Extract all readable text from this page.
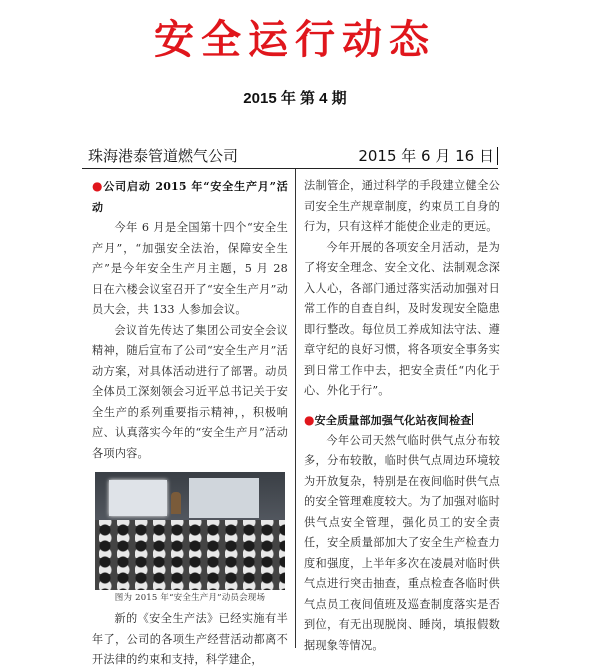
安全运行动态
2015 年 第 4 期
珠海港泰管道燃气公司	2015 年 6 月 16 日
●公司启动 2015 年“安全生产月”活动
今年 6 月是全国第十四个“安全生产月”，“加强安全法治，保障安全生产”是今年安全生产月主题，5 月 28 日在六楼会议室召开了“安全生产月”动员大会，共 133 人参加会议。
会议首先传达了集团公司安全会议精神，随后宣布了公司“安全生产月”活动方案，对具体活动进行了部署。动员全体员工深刻领会习近平总书记关于安全生产的系列重要指示精神，，积极响应、认真落实今年的“安全生产月”活动各项内容。
图为 2015 年“安全生产月”动员会现场
新的《安全生产法》已经实施有半年了，公司的各项生产经营活动都离不开法律的约束和支持，科学建企，
法制管企，通过科学的手段建立健全公司安全生产规章制度，约束员工自身的行为，只有这样才能使企业走的更远。
今年开展的各项安全月活动，是为了将安全理念、安全文化、法制观念深入人心，各部门通过落实活动加强对日常工作的自查自纠，及时发现安全隐患即行整改。每位员工养成知法守法、遵章守纪的良好习惯，将各项安全事务实到日常工作中去，把安全责任“内化于心、外化于行”。
●安全质量部加强气化站夜间检查
今年公司天然气临时供气点分布较多，分布较散，临时供气点周边环境较为开放复杂，特别是在夜间临时供气点的安全管理难度较大。为了加强对临时供气点安全管理，强化员工的安全责任，安全质量部加大了安全生产检查力度和强度，上半年多次在凌晨对临时供气点进行突击抽查，重点检查各临时供气点员工夜间值班及巡查制度落实是否到位，有无出现脱岗、睡岗，填报假数据现象等情况。
